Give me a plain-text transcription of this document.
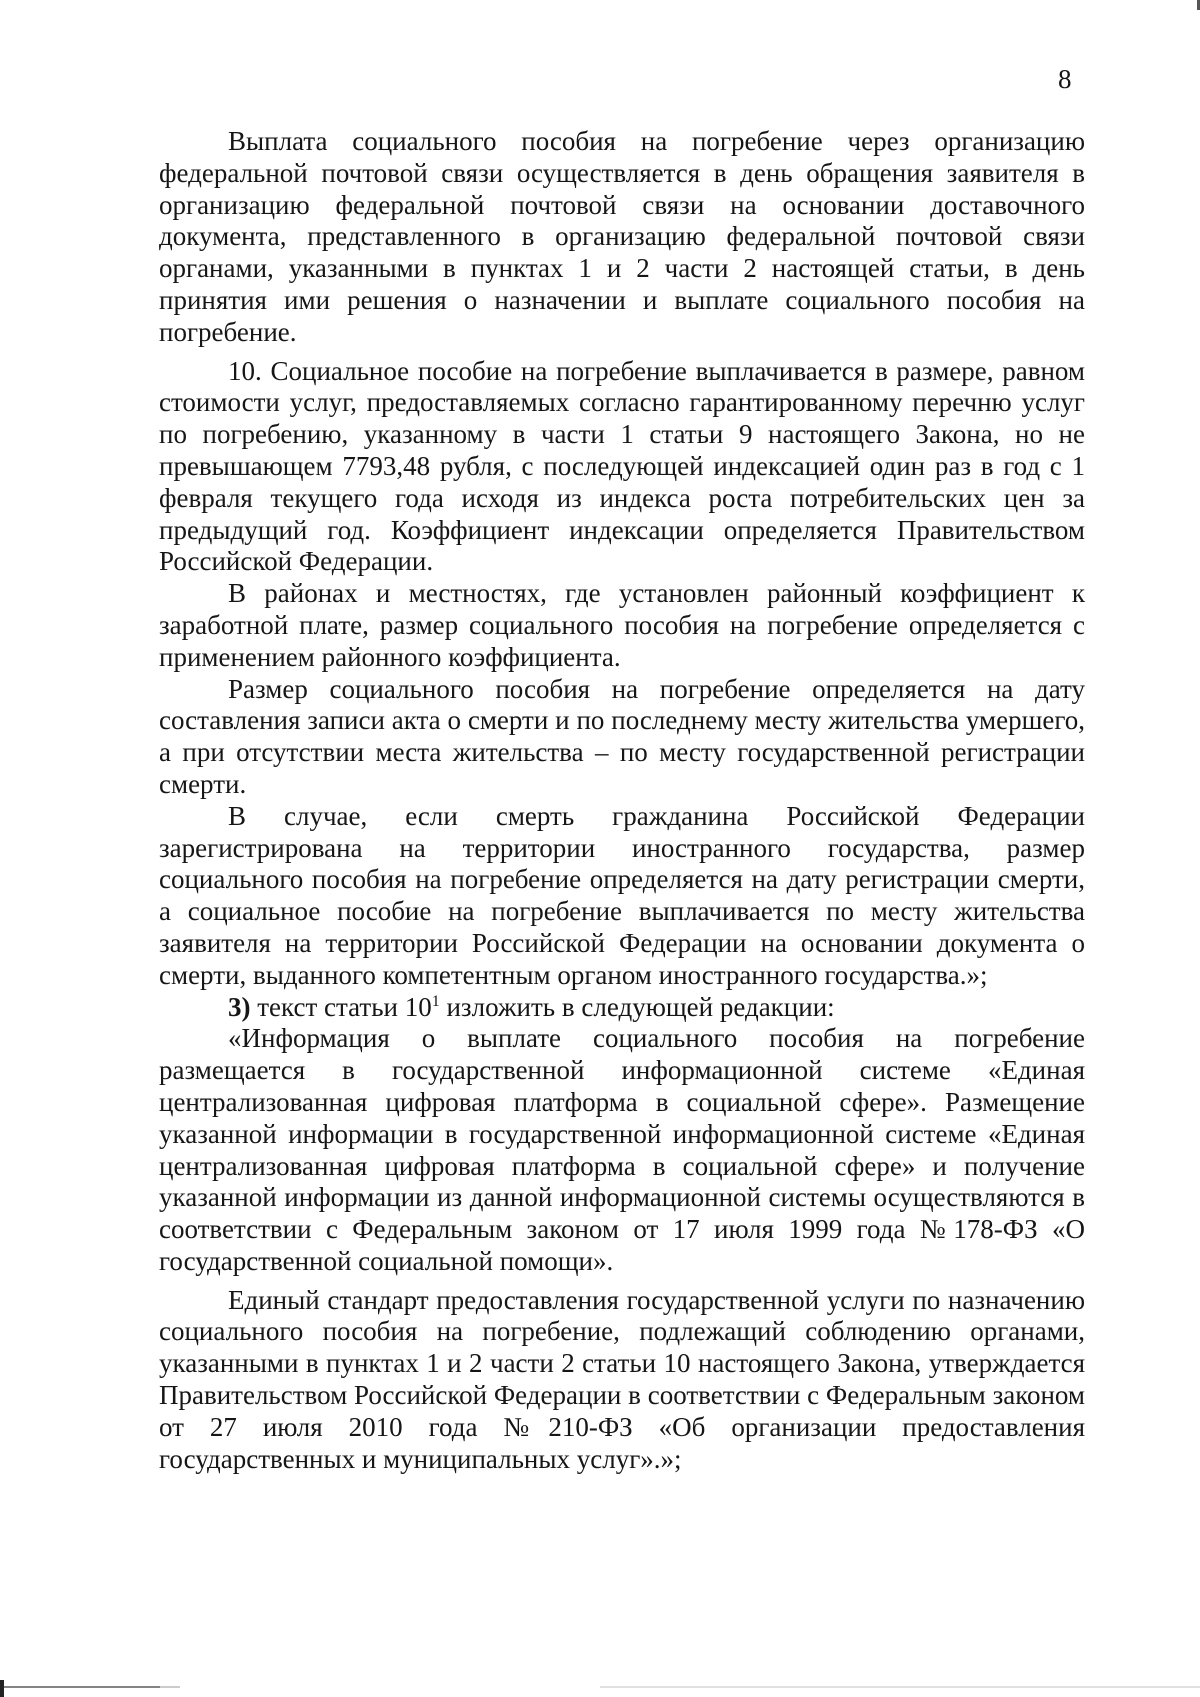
8

Выплата социального пособия на погребение через организацию федеральной почтовой связи осуществляется в день обращения заявителя в организацию федеральной почтовой связи на основании доставочного документа, представленного в организацию федеральной почтовой связи органами, указанными в пунктах 1 и 2 части 2 настоящей статьи, в день принятия ими решения о назначении и выплате социального пособия на погребение.

10. Социальное пособие на погребение выплачивается в размере, равном стоимости услуг, предоставляемых согласно гарантированному перечню услуг по погребению, указанному в части 1 статьи 9 настоящего Закона, но не превышающем 7793,48 рубля, с последующей индексацией один раз в год с 1 февраля текущего года исходя из индекса роста потребительских цен за предыдущий год. Коэффициент индексации определяется Правительством Российской Федерации.

В районах и местностях, где установлен районный коэффициент к заработной плате, размер социального пособия на погребение определяется с применением районного коэффициента.

Размер социального пособия на погребение определяется на дату составления записи акта о смерти и по последнему месту жительства умершего, а при отсутствии места жительства – по месту государственной регистрации смерти.

В случае, если смерть гражданина Российской Федерации зарегистрирована на территории иностранного государства, размер социального пособия на погребение определяется на дату регистрации смерти, а социальное пособие на погребение выплачивается по месту жительства заявителя на территории Российской Федерации на основании документа о смерти, выданного компетентным органом иностранного государства.»;

3) текст статьи $10^1$ изложить в следующей редакции:

«Информация о выплате социального пособия на погребение размещается в государственной информационной системе «Единая централизованная цифровая платформа в социальной сфере». Размещение указанной информации в государственной информационной системе «Единая централизованная цифровая платформа в социальной сфере» и получение указанной информации из данной информационной системы осуществляются в соответствии с Федеральным законом от 17 июля 1999 года №178-ФЗ «О государственной социальной помощи».

Единый стандарт предоставления государственной услуги по назначению социального пособия на погребение, подлежащий соблюдению органами, указанными в пунктах 1 и 2 части 2 статьи 10 настоящего Закона, утверждается Правительством Российской Федерации в соответствии с Федеральным законом от 27 июля 2010 года №210-ФЗ «Об организации предоставления государственных и муниципальных услуг».»;
